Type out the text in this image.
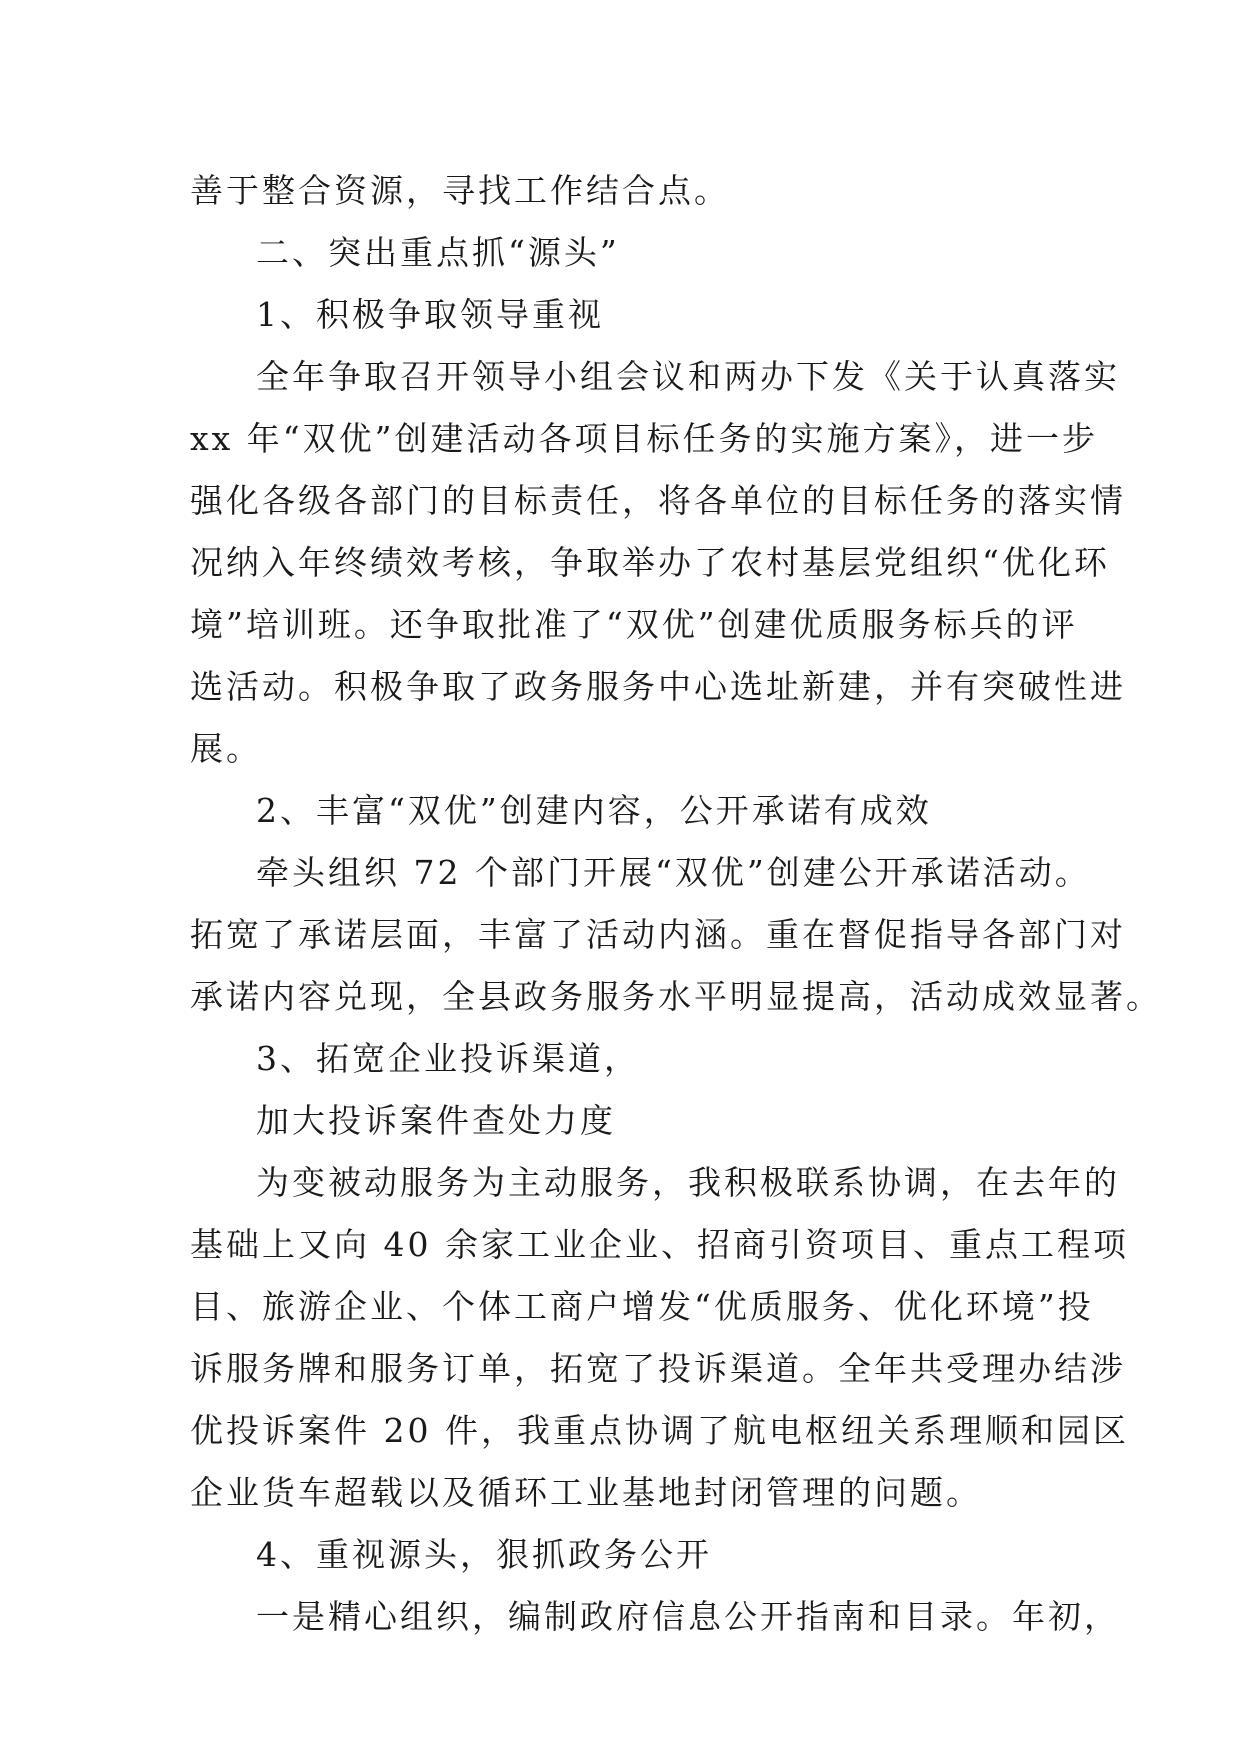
善于整合资源，寻找工作结合点。
二、突出重点抓“源头”
1、积极争取领导重视
全年争取召开领导小组会议和两办下发《关于认真落实
xx 年“双优”创建活动各项目标任务的实施方案》，进一步
强化各级各部门的目标责任，将各单位的目标任务的落实情
况纳入年终绩效考核，争取举办了农村基层党组织“优化环
境”培训班。还争取批准了“双优”创建优质服务标兵的评
选活动。积极争取了政务服务中心选址新建，并有突破性进
展。
2、丰富“双优”创建内容，公开承诺有成效
牵头组织 72 个部门开展“双优”创建公开承诺活动。
拓宽了承诺层面，丰富了活动内涵。重在督促指导各部门对
承诺内容兑现，全县政务服务水平明显提高，活动成效显著。
3、拓宽企业投诉渠道，
加大投诉案件查处力度
为变被动服务为主动服务，我积极联系协调，在去年的
基础上又向 40 余家工业企业、招商引资项目、重点工程项
目、旅游企业、个体工商户增发“优质服务、优化环境”投
诉服务牌和服务订单，拓宽了投诉渠道。全年共受理办结涉
优投诉案件 20 件，我重点协调了航电枢纽关系理顺和园区
企业货车超载以及循环工业基地封闭管理的问题。
4、重视源头，狠抓政务公开
一是精心组织，编制政府信息公开指南和目录。年初，
